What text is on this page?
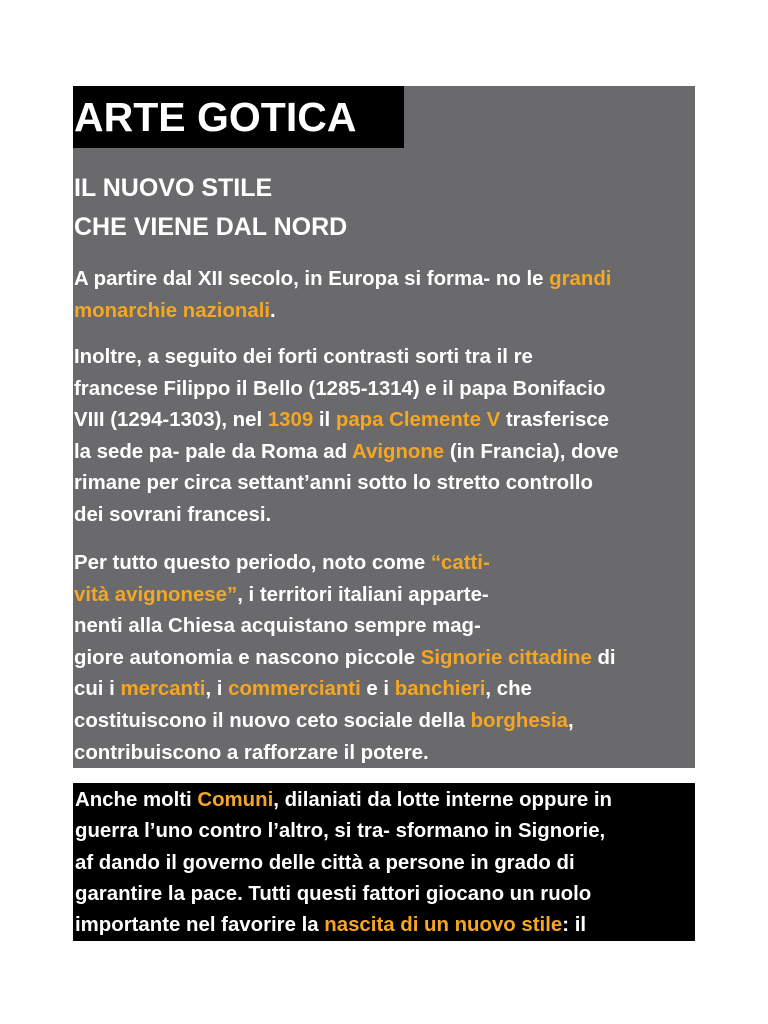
ARTE GOTICA
IL NUOVO STILE
CHE VIENE DAL NORD
A partire dal XII secolo, in Europa si forma- no le grandi
monarchie nazionali.
Inoltre, a seguito dei forti contrasti sorti tra il re
francese Filippo il Bello (1285-1314) e il papa Bonifacio
VIII (1294-1303), nel 1309 il papa Clemente V trasferisce
la sede pa- pale da Roma ad Avignone (in Francia), dove
rimane per circa settant’anni sotto lo stretto controllo
dei sovrani francesi.
Per tutto questo periodo, noto come “catti-
vità avignonese”, i territori italiani apparte-
nenti alla Chiesa acquistano sempre mag-
giore autonomia e nascono piccole Signorie cittadine di
cui i mercanti, i commercianti e i banchieri, che
costituiscono il nuovo ceto sociale della borghesia,
contribuiscono a rafforzare il potere.
Anche molti Comuni, dilaniati da lotte interne oppure in
guerra l’uno contro l’altro, si tra- sformano in Signorie,
af dando il governo delle città a persone in grado di
garantire la pace. Tutti questi fattori giocano un ruolo
importante nel favorire la nascita di un nuovo stile: il
